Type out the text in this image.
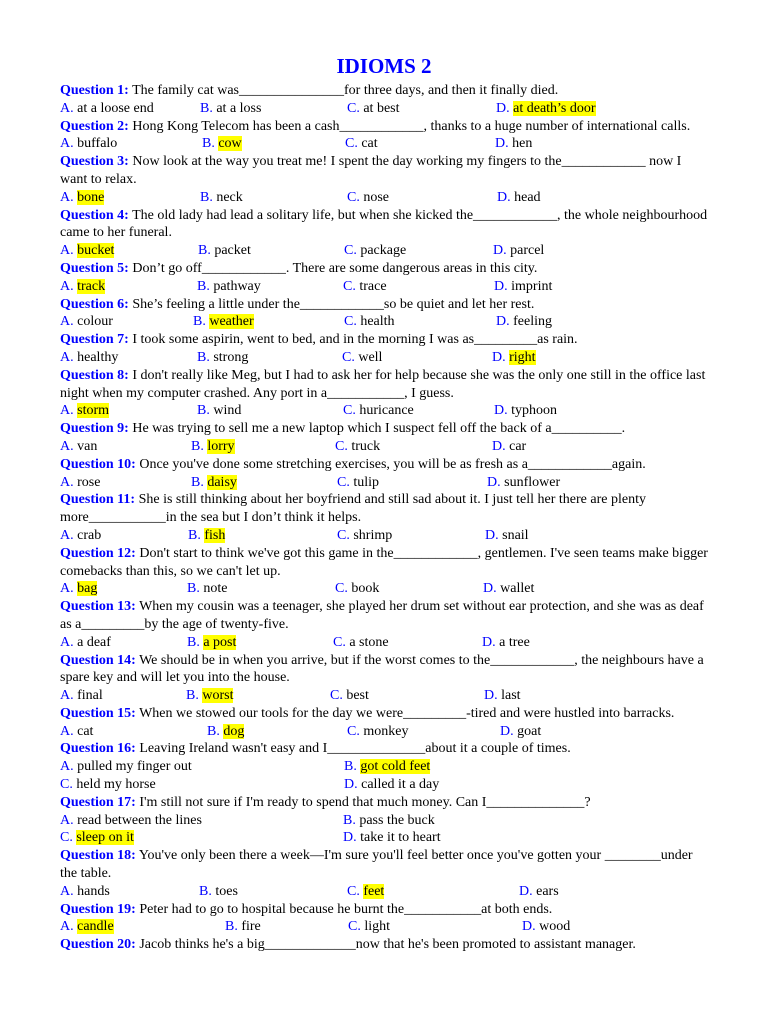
IDIOMS 2

Question 1: The family cat was_______________for three days, and then it finally died.

A. at a loose end	B. at a loss	C. at best	D. at death’s door

Question 2: Hong Kong Telecom has been a cash____________, thanks to a huge number of international calls.

A. buffalo	B. cow	C. cat	D. hen

Question 3: Now look at the way you treat me! I spent the day working my fingers to the____________ now I want to relax.

A. bone	B. neck	C. nose	D. head

Question 4: The old lady had lead a solitary life, but when she kicked the____________, the whole neighbourhood came to her funeral.

A. bucket	B. packet	C. package	D. parcel

Question 5: Don’t go off____________. There are some dangerous areas in this city.

A. track	B. pathway	C. trace	D. imprint

Question 6: She’s feeling a little under the____________so be quiet and let her rest.

A. colour	B. weather	C. health	D. feeling

Question 7: I took some aspirin, went to bed, and in the morning I was as_________as rain.

A. healthy	B. strong	C. well	D. right

Question 8: I don't really like Meg, but I had to ask her for help because she was the only one still in the office last night when my computer crashed. Any port in a___________, I guess.

A. storm	B. wind	C. huricance	D. typhoon

Question 9: He was trying to sell me a new laptop which I suspect fell off the back of a__________.

A. van	B. lorry	C. truck	D. car

Question 10: Once you've done some stretching exercises, you will be as fresh as a____________again.

A. rose	B. daisy	C. tulip	D. sunflower

Question 11: She is still thinking about her boyfriend and still sad about it. I just tell her there are plenty more___________in the sea but I don’t think it helps.

A. crab	B. fish	C. shrimp	D. snail

Question 12: Don't start to think we've got this game in the____________, gentlemen. I've seen teams make bigger comebacks than this, so we can't let up.

A. bag	B. note	C. book	D. wallet

Question 13: When my cousin was a teenager, she played her drum set without ear protection, and she was as deaf as a_________by the age of twenty-five.

A. a deaf	B. a post	C. a stone	D. a tree

Question 14: We should be in when you arrive, but if the worst comes to the____________, the neighbours have a spare key and will let you into the house.

A. final	B. worst	C. best	D. last

Question 15: When we stowed our tools for the day we were_________-tired and were hustled into barracks.

A. cat	B. dog	C. monkey	D. goat

Question 16: Leaving Ireland wasn't easy and I______________about it a couple of times.

A. pulled my finger out	B. got cold feet
C. held my horse	D. called it a day

Question 17: I'm still not sure if I'm ready to spend that much money. Can I______________?

A. read between the lines	B. pass the buck
C. sleep on it	D. take it to heart

Question 18: You've only been there a week—I'm sure you'll feel better once you've gotten your ________under the table.

A. hands	B. toes	C. feet	D. ears

Question 19: Peter had to go to hospital because he burnt the___________at both ends.

A. candle	B. fire	C. light	D. wood

Question 20: Jacob thinks he's a big_____________now that he's been promoted to assistant manager.
